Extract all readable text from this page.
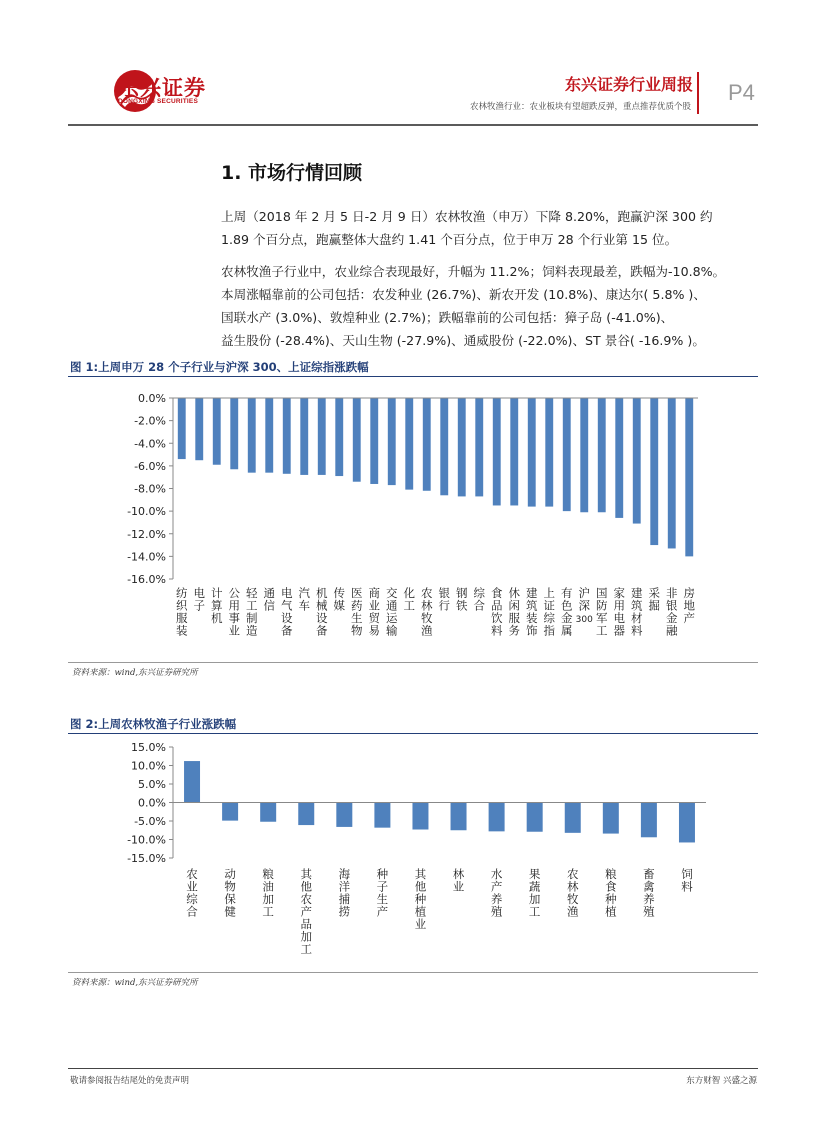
东兴证券
DONGXING SECURITIES
东兴证券行业周报
农林牧渔行业：农业板块有望超跌反弹，重点推荐优质个股
P4
1. 市场行情回顾
上周（2018 年 2 月 5 日-2 月 9 日）农林牧渔（申万）下降 8.20%，跑赢沪深 300 约
1.89 个百分点，跑赢整体大盘约 1.41 个百分点，位于申万 28 个行业第 15 位。
农林牧渔子行业中，农业综合表现最好，升幅为 11.2%；饲料表现最差，跌幅为-10.8%。
本周涨幅靠前的公司包括：农发种业 (26.7%)、新农开发 (10.8%)、康达尔( 5.8% )、
国联水产 (3.0%)、敦煌种业 (2.7%)；跌幅靠前的公司包括：獐子岛 (-41.0%)、
益生股份 (-28.4%)、天山生物 (-27.9%)、通威股份 (-22.0%)、ST 景谷( -16.9% )。
图 1:上周申万 28 个子行业与沪深 300、上证综指涨跌幅
0.0%
-2.0%
-4.0%
-6.0%
-8.0%
-10.0%
-12.0%
-14.0%
-16.0%
纺织服装
电子
计算机
公用事业
轻工制造
通信
电气设备
汽车
机械设备
传媒
医药生物
商业贸易
交通运输
化工
农林牧渔
银行
钢铁
综合
食品饮料
休闲服务
建筑装饰
上证综指
有色金属
沪深 300
国防军工
家用电器
建筑材料
采掘
非银金融
房地产
资料来源：wind,东兴证券研究所
图 2:上周农林牧渔子行业涨跌幅
15.0%
10.0%
5.0%
0.0%
-5.0%
-10.0%
-15.0%
农业综合
动物保健
粮油加工
其他农产品加工
海洋捕捞
种子生产
其他种植业
林业
水产养殖
果蔬加工
农林牧渔
粮食种植
畜禽养殖
饲料
资料来源：wind,东兴证券研究所
敬请参阅报告结尾处的免责声明	东方财智 兴盛之源
